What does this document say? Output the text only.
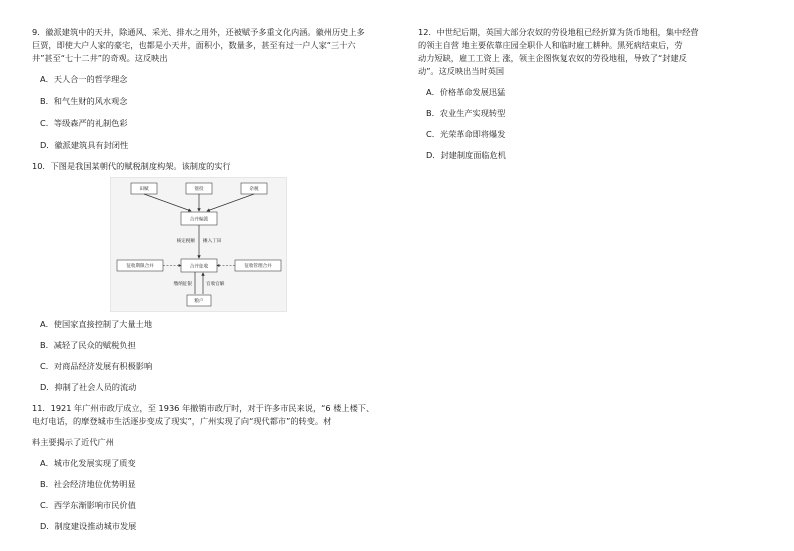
9．徽派建筑中的天井，除通风、采光、排水之用外，还被赋予多重文化内涵。徽州历史上多

巨贾，即使大户人家的豪宅，也都是小天井，面积小，数量多，甚至有过一户人家“三十六

井”甚至“七十二井”的奇观。这反映出

A．天人合一的哲学理念

B．和气生财的风水观念

C．等级森严的礼制色彩

D．徽派建筑具有封闭性

10．下图是我国某朝代的赋税制度构架。该制度的实行

田赋	徭役	杂税
合并编派
核定税额 摊入丁田
合并征收
征收期限合并	征收管理合并
缴纳征银	官收官解
粮户

A．使国家直接控制了大量土地

B．减轻了民众的赋税负担

C．对商品经济发展有积极影响

D．抑制了社会人员的流动

11．1921 年广州市政厅成立，至 1936 年撤销市政厅时，对于许多市民来说，“6 楼上楼下、

电灯电话，的摩登城市生活逐步变成了现实”，广州实现了向“现代都市”的转变。材

料主要揭示了近代广州

A．城市化发展实现了质变

B．社会经济地位优势明显

C．西学东渐影响市民价值

D．制度建设推动城市发展

12．中世纪后期，英国大部分农奴的劳役地租已经折算为货币地租，集中经营

的领主自营 地主要依靠庄园全职仆人和临时雇工耕种。黑死病结束后，劳

动力短缺，雇工工资上 涨，领主企图恢复农奴的劳役地租，导致了“封建反

动”。这反映出当时英国

A．价格革命发展迅猛

B．农业生产实现转型

C．光荣革命即将爆发

D．封建制度面临危机
